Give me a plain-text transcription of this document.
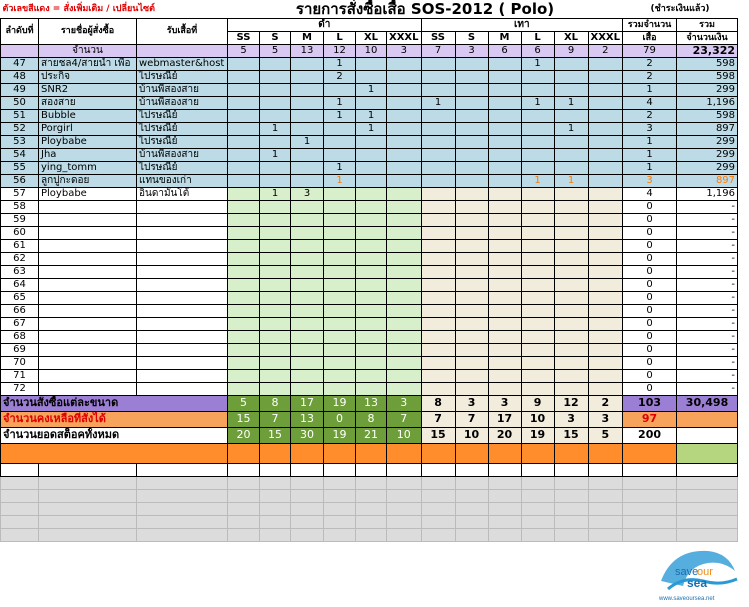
ตัวเลขสีแดง = สั่งเพิ่มเติม / เปลี่ยนไซต์			รายการสั่งซื้อเสื้อ SOS-2012 ( Polo)												(ชำระเงินแล้ว)	
ลำดับที่	รายชื่อผู้สั่งซื้อ	รับเสื้อที่	ดำ						เทา						รวมจำนวน	รวม
			SS	S	M	L	XL	XXXL	SS	S	M	L	XL	XXXL	เสื้อ	จำนวนเงิน
	จำนวน		5	5	13	12	10	3	7	3	6	6	9	2	79	23,322
47	สายชล4/สายน้ำ เพื่อ	webmaster&host				1						1			2	598
48	ประกิจ	ไปรษณีย์				2									2	598
49	SNR2	บ้านพี่สองสาย					1								1	299
50	สองสาย	บ้านพี่สองสาย				1			1			1	1		4	1,196
51	Bubble	ไปรษณีย์				1	1								2	598
52	Porgirl	ไปรษณีย์		1			1						1		3	897
53	Ploybabe	ไปรษณีย์			1										1	299
54	Jha	บ้านพี่สองสาย		1											1	299
55	ying_tomm	ไปรษณีย์				1									1	299
56	ลูกปูกะดอย	แทนของเก่า				1						1	1		3	897
57	Ploybabe	อินดามันโต้		1	3										4	1,196
58															0	-
59															0	-
60															0	-
61															0	-
62															0	-
63															0	-
64															0	-
65															0	-
66															0	-
67															0	-
68															0	-
69															0	-
70															0	-
71															0	-
72															0	-
จำนวนสั่งซื้อแต่ละขนาด			5	8	17	19	13	3	8	3	3	9	12	2	103	30,498
จำนวนคงเหลือที่สั่งได้			15	7	13	0	8	7	7	7	17	10	3	3	97	
จำนวนยอดสต็อคทั้งหมด			20	15	30	19	21	10	15	10	20	19	15	5	200	

save
our
sea
www.saveoursea.net
